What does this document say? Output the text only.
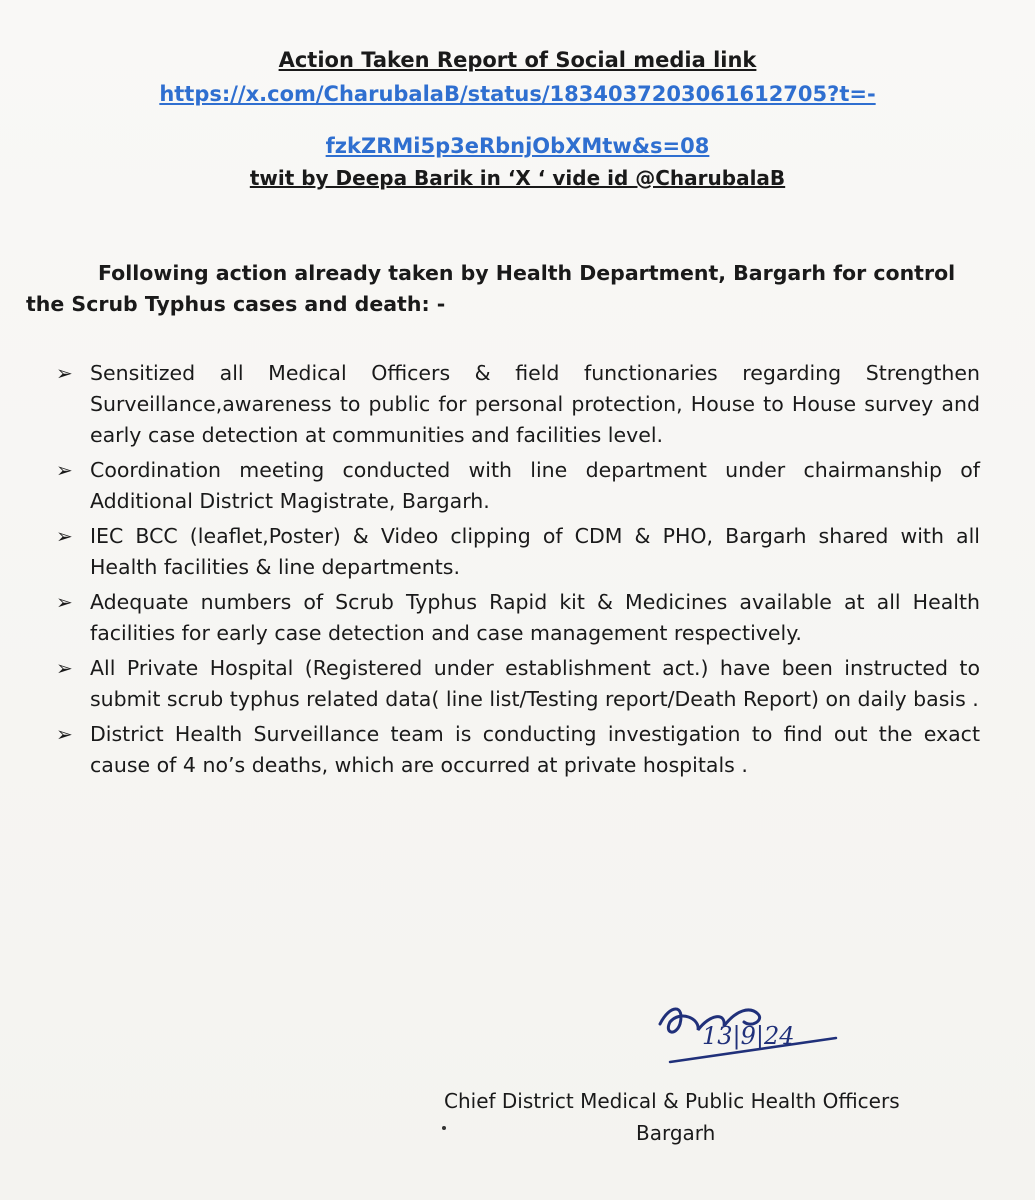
Action Taken Report of Social media link
https://x.com/CharubalaB/status/1834037203061612705?t=-
fzkZRMi5p3eRbnjObXMtw&s=08
twit by Deepa Barik in ‘X ‘ vide id @CharubalaB
Following action already taken by Health Department, Bargarh for control the Scrub Typhus cases and death: -
➢ Sensitized all Medical Officers & field functionaries regarding Strengthen Surveillance,awareness to public for personal protection, House to House survey and early case detection at communities and facilities level.
➢ Coordination meeting conducted with line department under chairmanship of Additional District Magistrate, Bargarh.
➢ IEC BCC (leaflet,Poster) & Video clipping of CDM & PHO, Bargarh shared with all Health facilities & line departments.
➢ Adequate numbers of Scrub Typhus Rapid kit & Medicines available at all Health facilities for early case detection and case management respectively.
➢ All Private Hospital (Registered under establishment act.) have been instructed to submit scrub typhus related data( line list/Testing report/Death Report) on daily basis .
➢ District Health Surveillance team is conducting investigation to find out the exact cause of 4 no’s deaths, which are occurred at private hospitals .
13|9|24
Chief District Medical & Public Health Officers
Bargarh
